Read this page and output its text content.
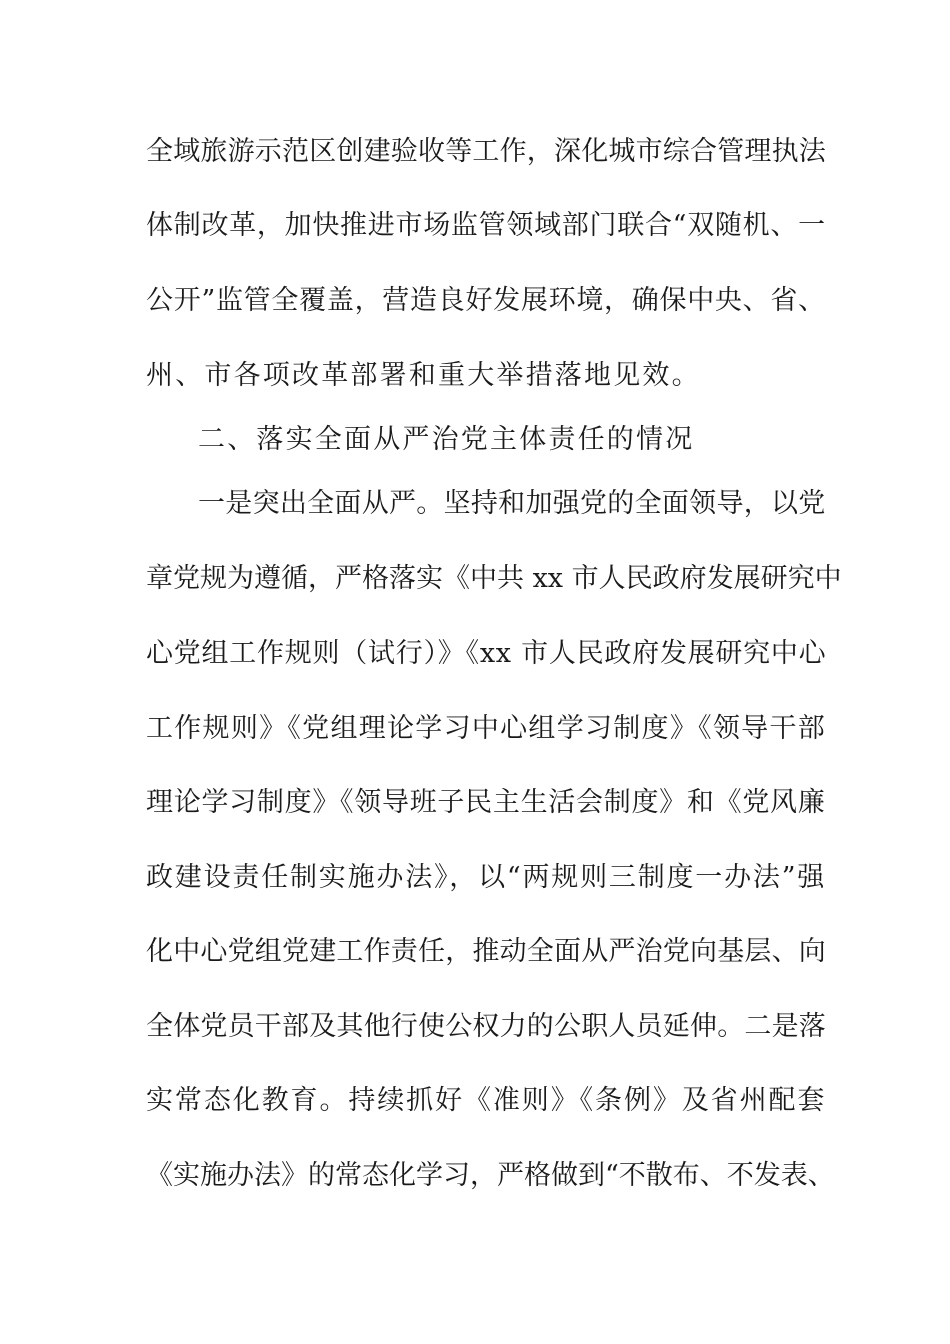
全域旅游示范区创建验收等工作，深化城市综合管理执法
体制改革，加快推进市场监管领域部门联合“双随机、一
公开”监管全覆盖，营造良好发展环境，确保中央、省、
州、市各项改革部署和重大举措落地见效。
二、落实全面从严治党主体责任的情况
一是突出全面从严。坚持和加强党的全面领导，以党
章党规为遵循，严格落实《中共 xx 市人民政府发展研究中
心党组工作规则（试行）》《xx 市人民政府发展研究中心
工作规则》《党组理论学习中心组学习制度》《领导干部
理论学习制度》《领导班子民主生活会制度》和《党风廉
政建设责任制实施办法》，以“两规则三制度一办法”强
化中心党组党建工作责任，推动全面从严治党向基层、向
全体党员干部及其他行使公权力的公职人员延伸。二是落
实常态化教育。持续抓好《准则》《条例》及省州配套
《实施办法》的常态化学习，严格做到“不散布、不发表、
